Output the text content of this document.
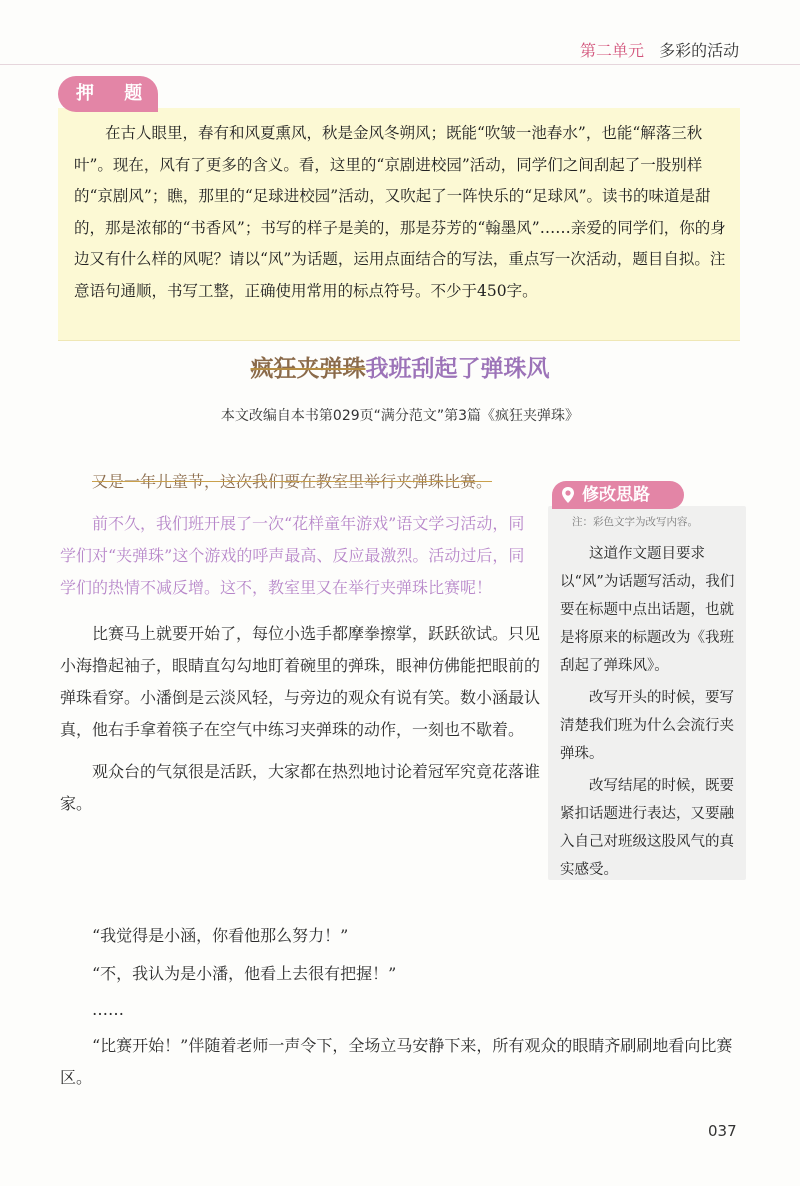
第二单元 多彩的活动
押 题

在古人眼里，春有和风夏熏风，秋是金风冬朔风；既能“吹皱一池春水”，也能“解落三秋叶”。现在，风有了更多的含义。看，这里的“京剧进校园”活动，同学们之间刮起了一股别样的“京剧风”；瞧，那里的“足球进校园”活动，又吹起了一阵快乐的“足球风”。读书的味道是甜的，那是浓郁的“书香风”；书写的样子是美的，那是芬芳的“翰墨风”……亲爱的同学们，你的身边又有什么样的风呢？请以“风”为话题，运用点面结合的写法，重点写一次活动，题目自拟。注意语句通顺，书写工整，正确使用常用的标点符号。不少于450字。

疯狂夹弹珠我班刮起了弹珠风
本文改编自本书第029页“满分范文”第3篇《疯狂夹弹珠》

又是一年儿童节，这次我们要在教室里举行夹弹珠比赛。

前不久，我们班开展了一次“花样童年游戏”语文学习活动，同学们对“夹弹珠”这个游戏的呼声最高、反应最激烈。活动过后，同学们的热情不减反增。这不，教室里又在举行夹弹珠比赛呢！

比赛马上就要开始了，每位小选手都摩拳擦掌，跃跃欲试。只见小海撸起袖子，眼睛直勾勾地盯着碗里的弹珠，眼神仿佛能把眼前的弹珠看穿。小潘倒是云淡风轻，与旁边的观众有说有笑。数小涵最认真，他右手拿着筷子在空气中练习夹弹珠的动作，一刻也不歇着。

观众台的气氛很是活跃，大家都在热烈地讨论着冠军究竟花落谁家。

“我觉得是小涵，你看他那么努力！”

“不，我认为是小潘，他看上去很有把握！”

……

“比赛开始！”伴随着老师一声令下，全场立马安静下来，所有观众的眼睛齐刷刷地看向比赛区。

修改思路
注：彩色文字为改写内容。

这道作文题目要求以“风”为话题写活动，我们要在标题中点出话题，也就是将原来的标题改为《我班刮起了弹珠风》。

改写开头的时候，要写清楚我们班为什么会流行夹弹珠。

改写结尾的时候，既要紧扣话题进行表达，又要融入自己对班级这股风气的真实感受。

037
